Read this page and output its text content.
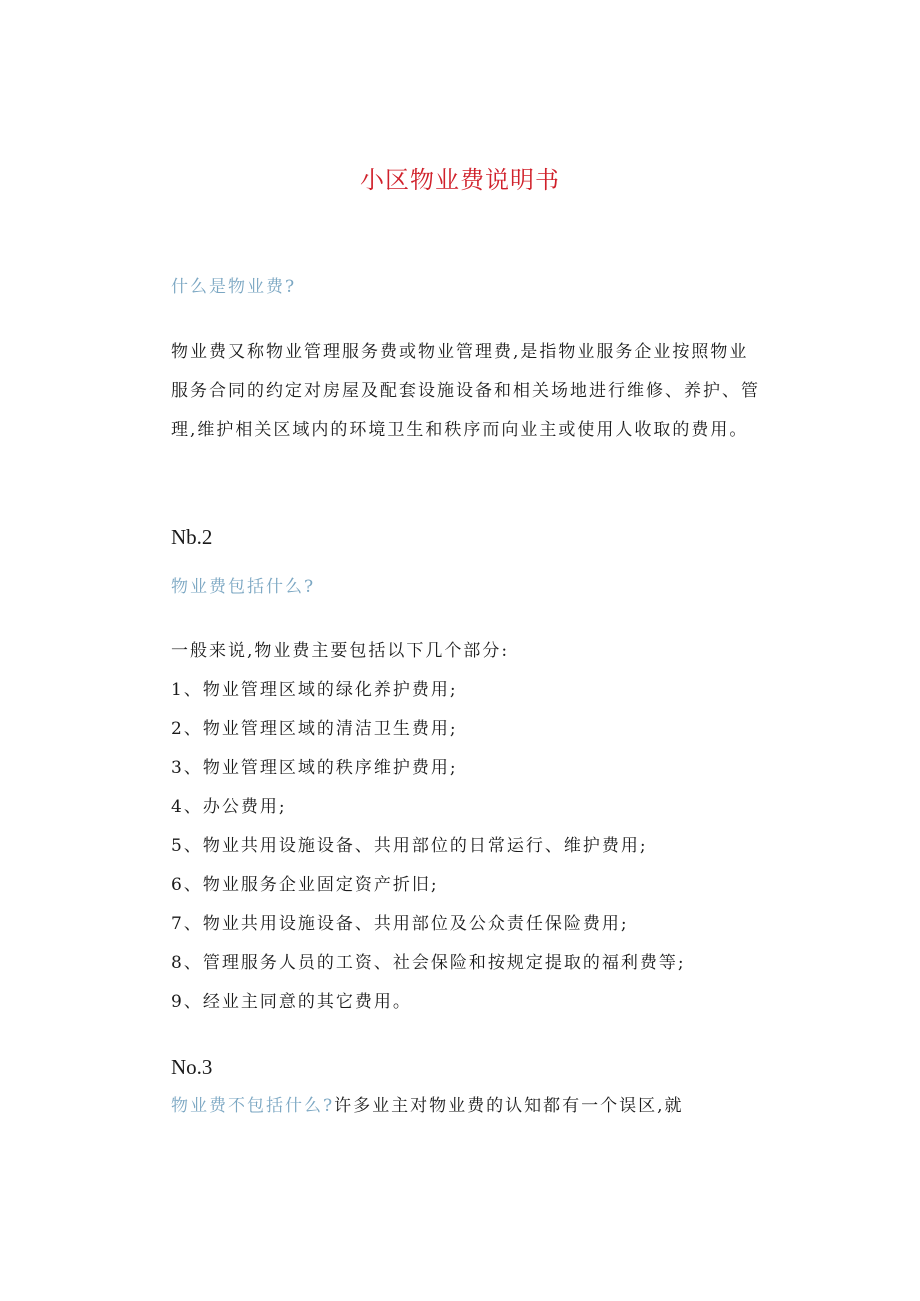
小区物业费说明书
什么是物业费?
物业费又称物业管理服务费或物业管理费,是指物业服务企业按照物业服务合同的约定对房屋及配套设施设备和相关场地进行维修、养护、管理,维护相关区域内的环境卫生和秩序而向业主或使用人收取的费用。
Nb.2
物业费包括什么?
一般来说,物业费主要包括以下几个部分:
1、物业管理区域的绿化养护费用;
2、物业管理区域的清洁卫生费用;
3、物业管理区域的秩序维护费用;
4、办公费用;
5、物业共用设施设备、共用部位的日常运行、维护费用;
6、物业服务企业固定资产折旧;
7、物业共用设施设备、共用部位及公众责任保险费用;
8、管理服务人员的工资、社会保险和按规定提取的福利费等;
9、经业主同意的其它费用。
No.3
物业费不包括什么?许多业主对物业费的认知都有一个误区,就
